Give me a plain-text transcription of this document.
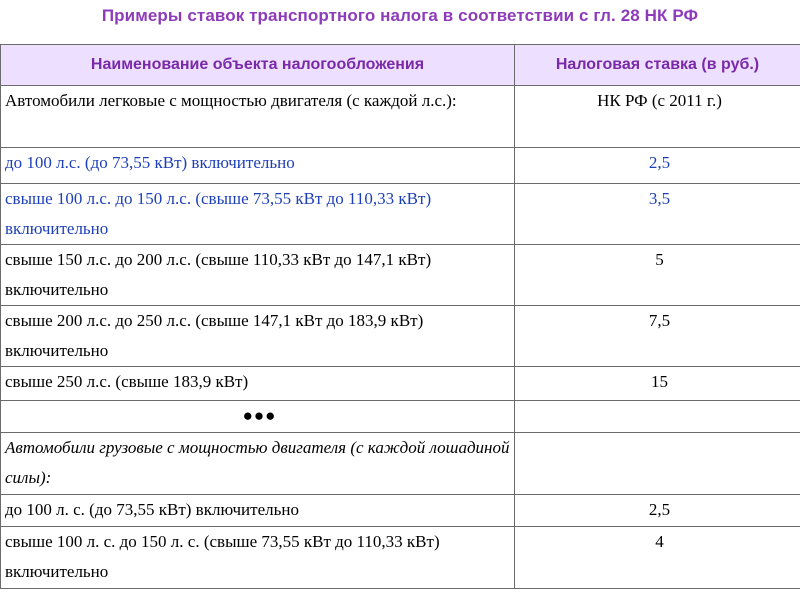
Примеры ставок транспортного налога в соответствии с гл. 28 НК РФ
Наименование объекта налогообложения	Налоговая ставка (в руб.)
Автомобили легковые с мощностью двигателя (с каждой л.с.):	НК РФ (с 2011 г.)
до 100 л.с. (до 73,55 кВт) включительно	2,5
свыше 100 л.с. до 150 л.с. (свыше 73,55 кВт до 110,33 кВт) включительно	3,5
свыше 150 л.с. до 200 л.с. (свыше 110,33 кВт до 147,1 кВт) включительно	5
свыше 200 л.с. до 250 л.с. (свыше 147,1 кВт до 183,9 кВт) включительно	7,5
свыше 250 л.с. (свыше 183,9 кВт)	15
●●●	
Автомобили грузовые с мощностью двигателя (с каждой лошадиной силы):	
до 100 л. с. (до 73,55 кВт) включительно	2,5
свыше 100 л. с. до 150 л. с. (свыше 73,55 кВт до 110,33 кВт) включительно	4
